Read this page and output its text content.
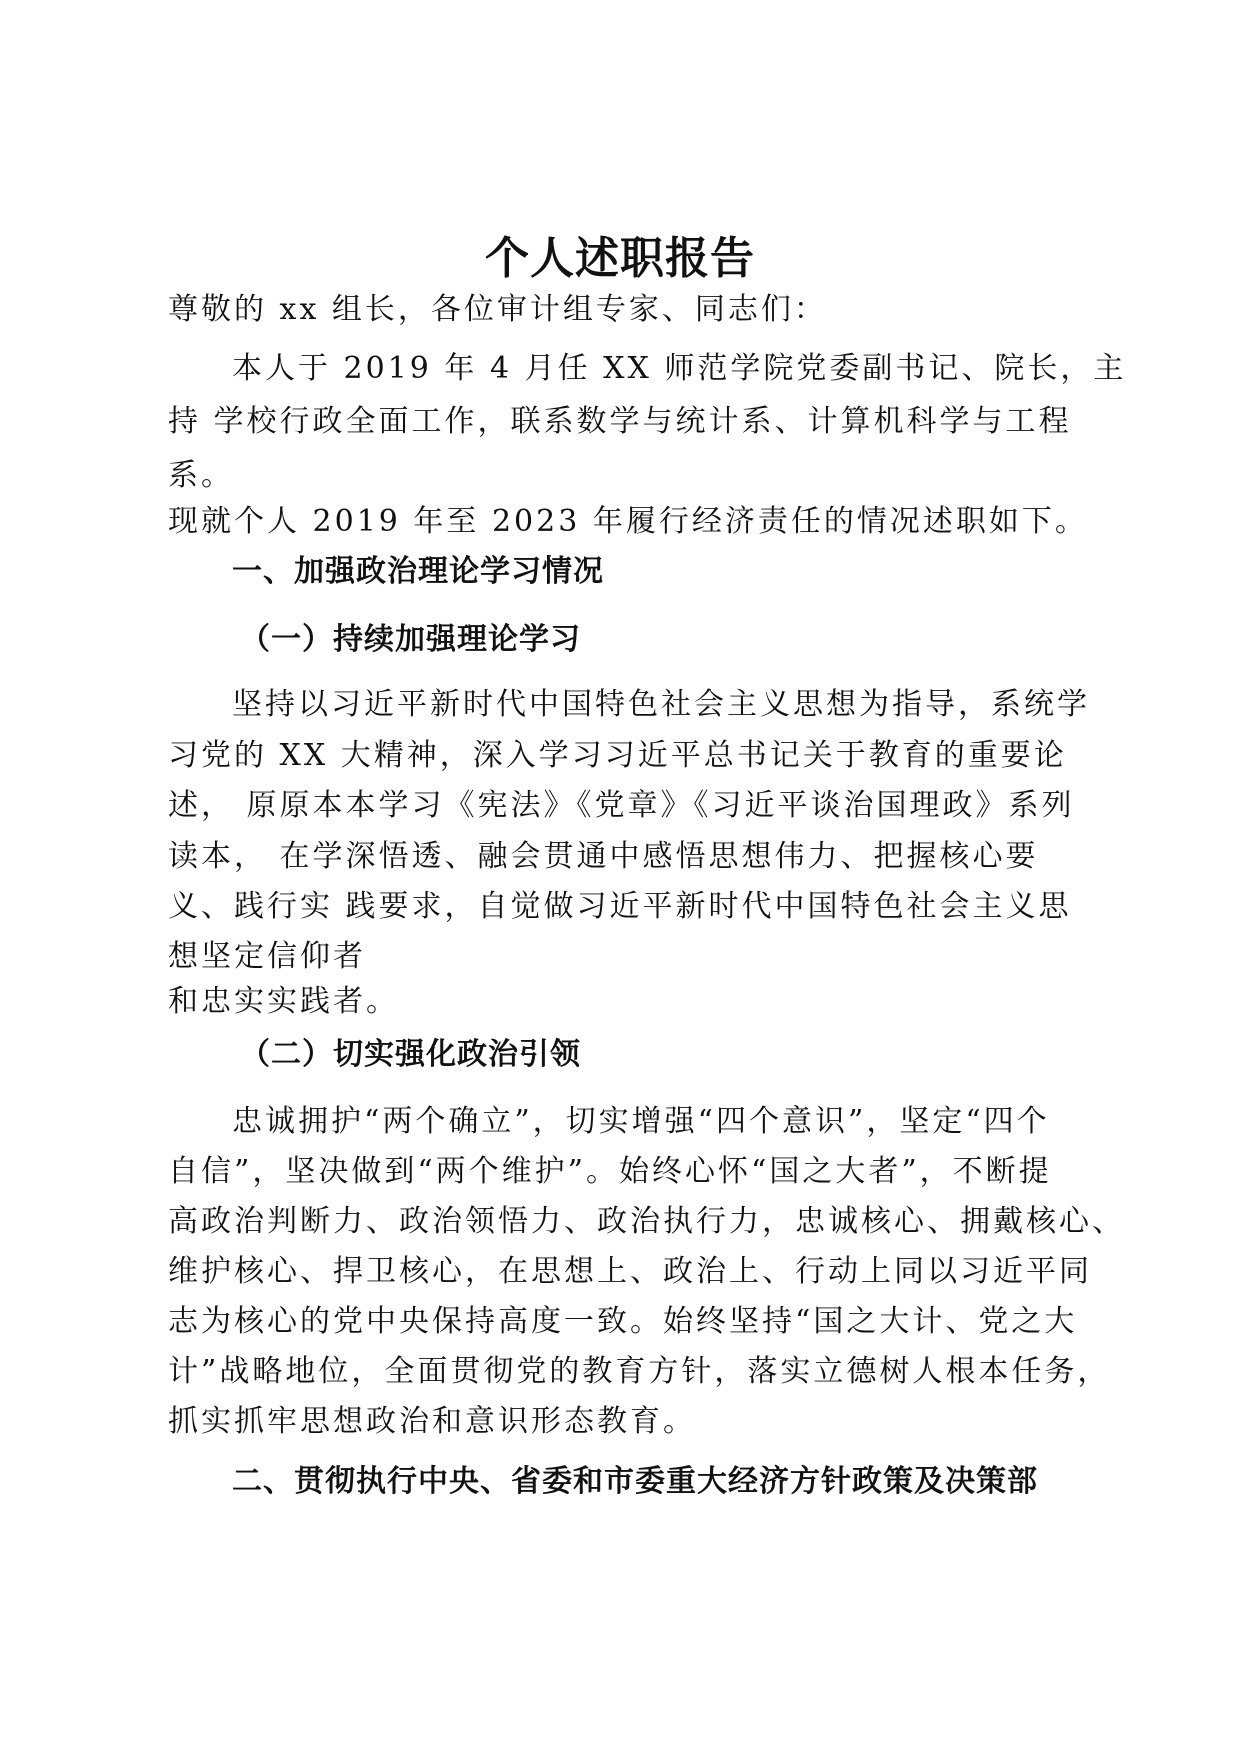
个人述职报告
尊敬的 xx 组长，各位审计组专家、同志们：
本人于 2019 年 4 月任 XX 师范学院党委副书记、院长，主
持 学校行政全面工作，联系数学与统计系、计算机科学与工程
系。
现就个人 2019 年至 2023 年履行经济责任的情况述职如下。
一、加强政治理论学习情况
（一）持续加强理论学习
坚持以习近平新时代中国特色社会主义思想为指导，系统学
习党的 XX 大精神，深入学习习近平总书记关于教育的重要论
述， 原原本本学习《宪法》《党章》《习近平谈治国理政》系列
读本， 在学深悟透、融会贯通中感悟思想伟力、把握核心要
义、践行实 践要求，自觉做习近平新时代中国特色社会主义思
想坚定信仰者
和忠实实践者。
（二）切实强化政治引领
忠诚拥护“两个确立”，切实增强“四个意识”，坚定“四个
自信”，坚决做到“两个维护”。始终心怀“国之大者”，不断提
高政治判断力、政治领悟力、政治执行力，忠诚核心、拥戴核心、
维护核心、捍卫核心，在思想上、政治上、行动上同以习近平同
志为核心的党中央保持高度一致。始终坚持“国之大计、党之大
计”战略地位，全面贯彻党的教育方针，落实立德树人根本任务，
抓实抓牢思想政治和意识形态教育。
二、贯彻执行中央、省委和市委重大经济方针政策及决策部
